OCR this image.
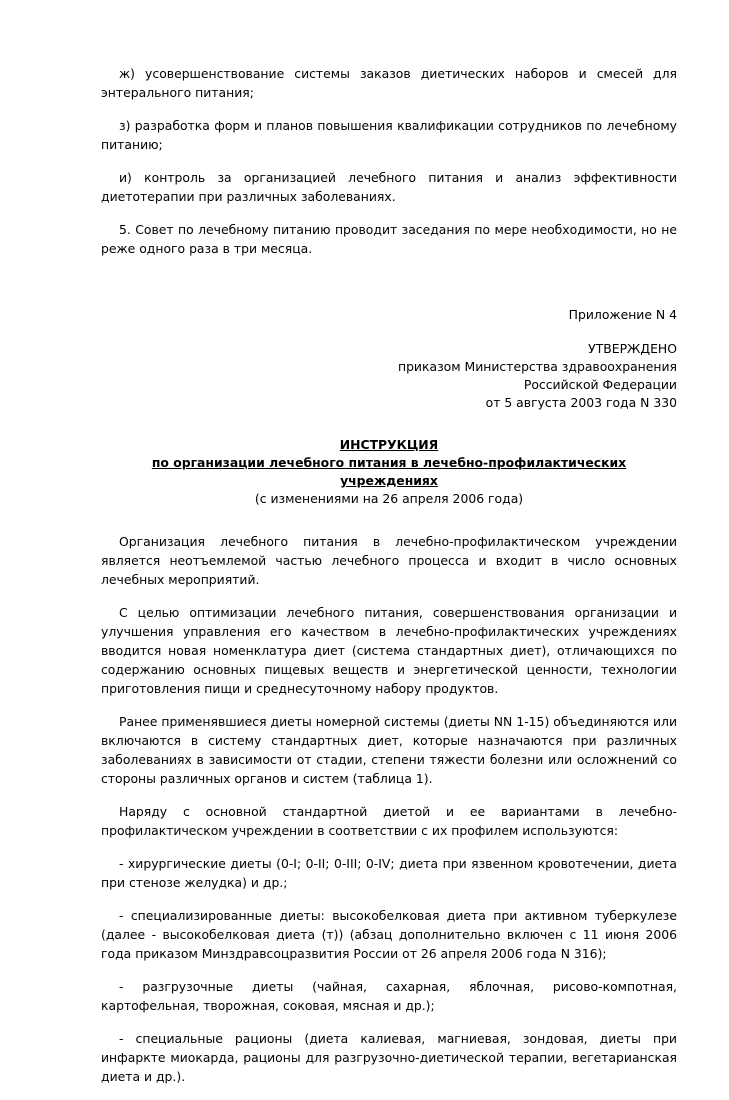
ж) усовершенствование системы заказов диетических наборов и смесей для энтерального питания;

з) разработка форм и планов повышения квалификации сотрудников по лечебному питанию;

и) контроль за организацией лечебного питания и анализ эффективности диетотерапии при различных заболеваниях.

5. Совет по лечебному питанию проводит заседания по мере необходимости, но не реже одного раза в три месяца.

Приложение N 4

УТВЕРЖДЕНО

приказом Министерства здравоохранения

Российской Федерации

от 5 августа 2003 года N 330

ИНСТРУКЦИЯ

по организации лечебного питания в лечебно-профилактических учреждениях

(с изменениями на 26 апреля 2006 года)

Организация лечебного питания в лечебно-профилактическом учреждении является неотъемлемой частью лечебного процесса и входит в число основных лечебных мероприятий.

С целью оптимизации лечебного питания, совершенствования организации и улучшения управления его качеством в лечебно-профилактических учреждениях вводится новая номенклатура диет (система стандартных диет), отличающихся по содержанию основных пищевых веществ и энергетической ценности, технологии приготовления пищи и среднесуточному набору продуктов.

Ранее применявшиеся диеты номерной системы (диеты NN 1-15) объединяются или включаются в систему стандартных диет, которые назначаются при различных заболеваниях в зависимости от стадии, степени тяжести болезни или осложнений со стороны различных органов и систем (таблица 1).

Наряду с основной стандартной диетой и ее вариантами в лечебно-профилактическом учреждении в соответствии с их профилем используются:

- хирургические диеты (0-I; 0-II; 0-III; 0-IV; диета при язвенном кровотечении, диета при стенозе желудка) и др.;

- специализированные диеты: высокобелковая диета при активном туберкулезе (далее - высокобелковая диета (т)) (абзац дополнительно включен с 11 июня 2006 года приказом Минздравсоцразвития России от 26 апреля 2006 года N 316);

- разгрузочные диеты (чайная, сахарная, яблочная, рисово-компотная, картофельная, творожная, соковая, мясная и др.);

- специальные рационы (диета калиевая, магниевая, зондовая, диеты при инфаркте миокарда, рационы для разгрузочно-диетической терапии, вегетарианская диета и др.).
